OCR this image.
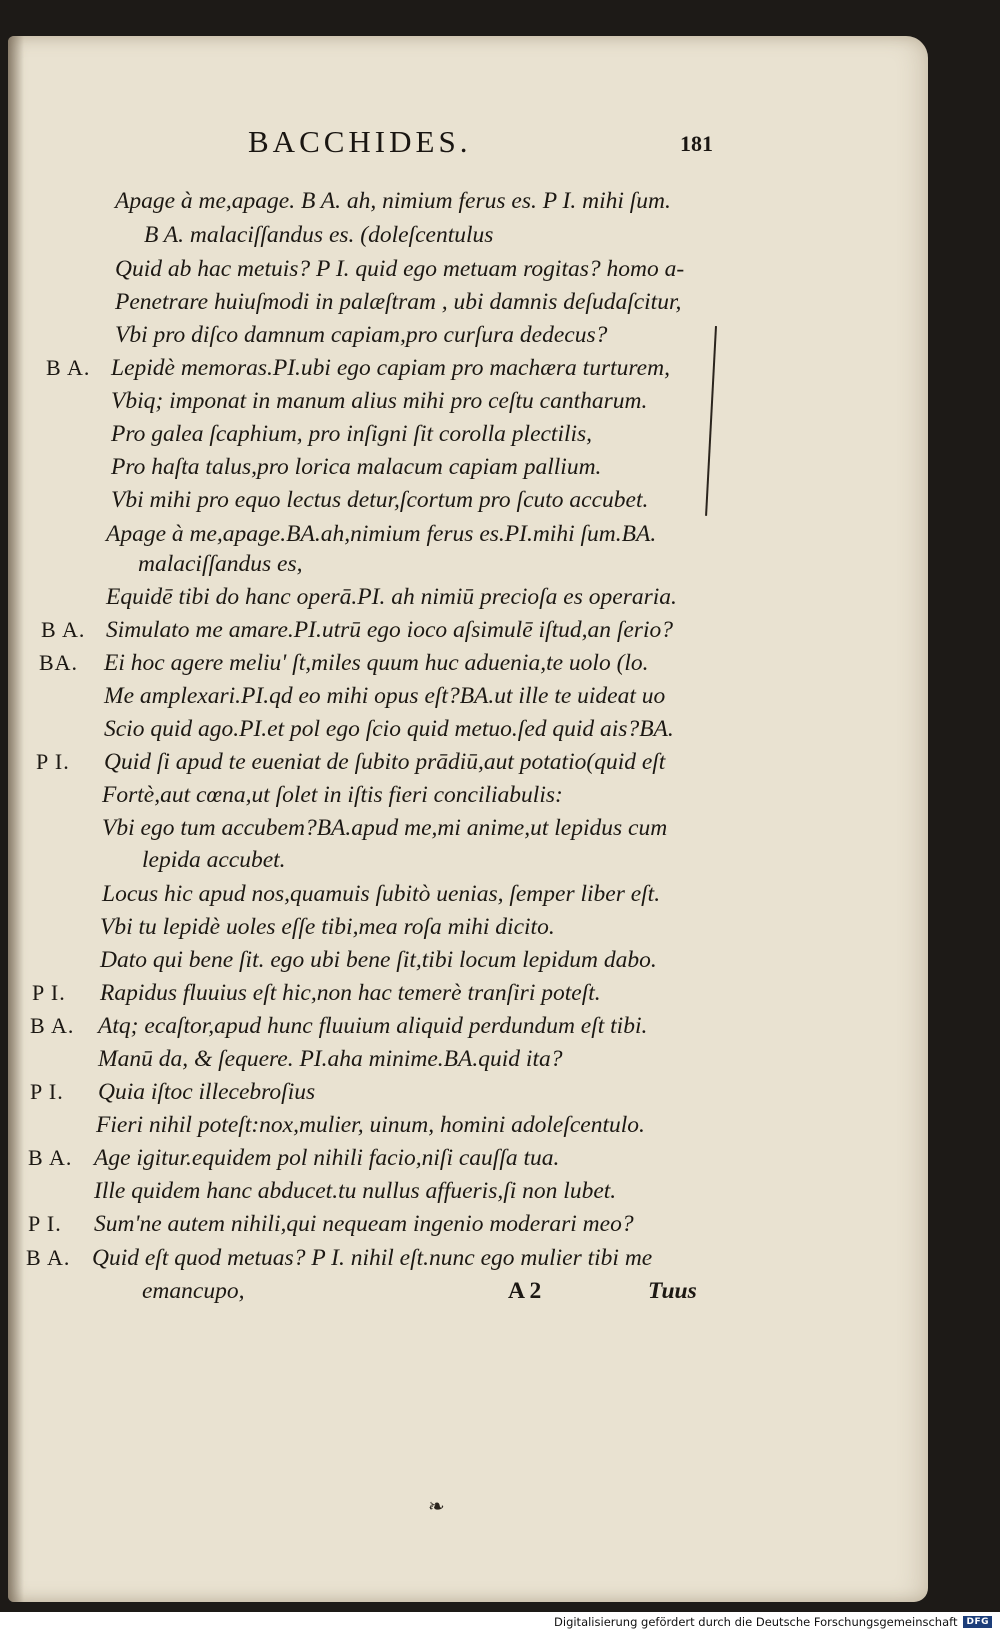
BACCHIDES.	181
Apage à me,apage. B A. ah, nimium ferus es. P I. mihi ſum.
B A. malaciſſandus es. (doleſcentulus
Quid ab hac metuis? P I. quid ego metuam rogitas? homo a-
Penetrare huiuſmodi in palæſtram , ubi damnis deſudaſcitur,
Vbi pro diſco damnum capiam,pro curſura dedecus?
B A. Lepidè memoras.PI.ubi ego capiam pro machæra turturem,
Vbiq; imponat in manum alius mihi pro ceſtu cantharum.
Pro galea ſcaphium, pro inſigni ſit corolla plectilis,
Pro haſta talus,pro lorica malacum capiam pallium.
Vbi mihi pro equo lectus detur,ſcortum pro ſcuto accubet.
Apage à me,apage.BA.ah,nimium ferus es.PI.mihi ſum.BA.
malaciſſandus es,
Equidē tibi do hanc operā.PI. ah nimiū precioſa es operaria.
B A. Simulato me amare.PI.utrū ego ioco aſsimulē iſtud,an ſerio?
BA. Ei hoc agere meliu' ſt,miles quum huc aduenia,te uolo (lo.
Me amplexari.PI.qd eo mihi opus eſt?BA.ut ille te uideat uo
Scio quid ago.PI.et pol ego ſcio quid metuo.ſed quid ais?BA.
P I. Quid ſi apud te eueniat de ſubito prādiū,aut potatio(quid eſt
Fortè,aut cœna,ut ſolet in iſtis fieri conciliabulis:
Vbi ego tum accubem?BA.apud me,mi anime,ut lepidus cum
lepida accubet.
Locus hic apud nos,quamuis ſubitò uenias, ſemper liber eſt.
Vbi tu lepidè uoles eſſe tibi,mea roſa mihi dicito.
Dato qui bene ſit. ego ubi bene ſit,tibi locum lepidum dabo.
P I. Rapidus fluuius eſt hic,non hac temerè tranſiri poteſt.
B A. Atq; ecaſtor,apud hunc fluuium aliquid perdundum eſt tibi.
Manū da, & ſequere. PI.aha minime.BA.quid ita?
P I. Quia iſtoc illecebroſius
Fieri nihil poteſt:nox,mulier, uinum, homini adoleſcentulo.
B A. Age igitur.equidem pol nihili facio,niſi cauſſa tua.
Ille quidem hanc abducet.tu nullus affueris,ſi non lubet.
P I. Sum'ne autem nihili,qui nequeam ingenio moderari meo?
B A. Quid eſt quod metuas? P I. nihil eſt.nunc ego mulier tibi me
emancupo,	A 2	Tuus
❧
Digitalisierung gefördert durch die Deutsche Forschungsgemeinschaft	DFG
